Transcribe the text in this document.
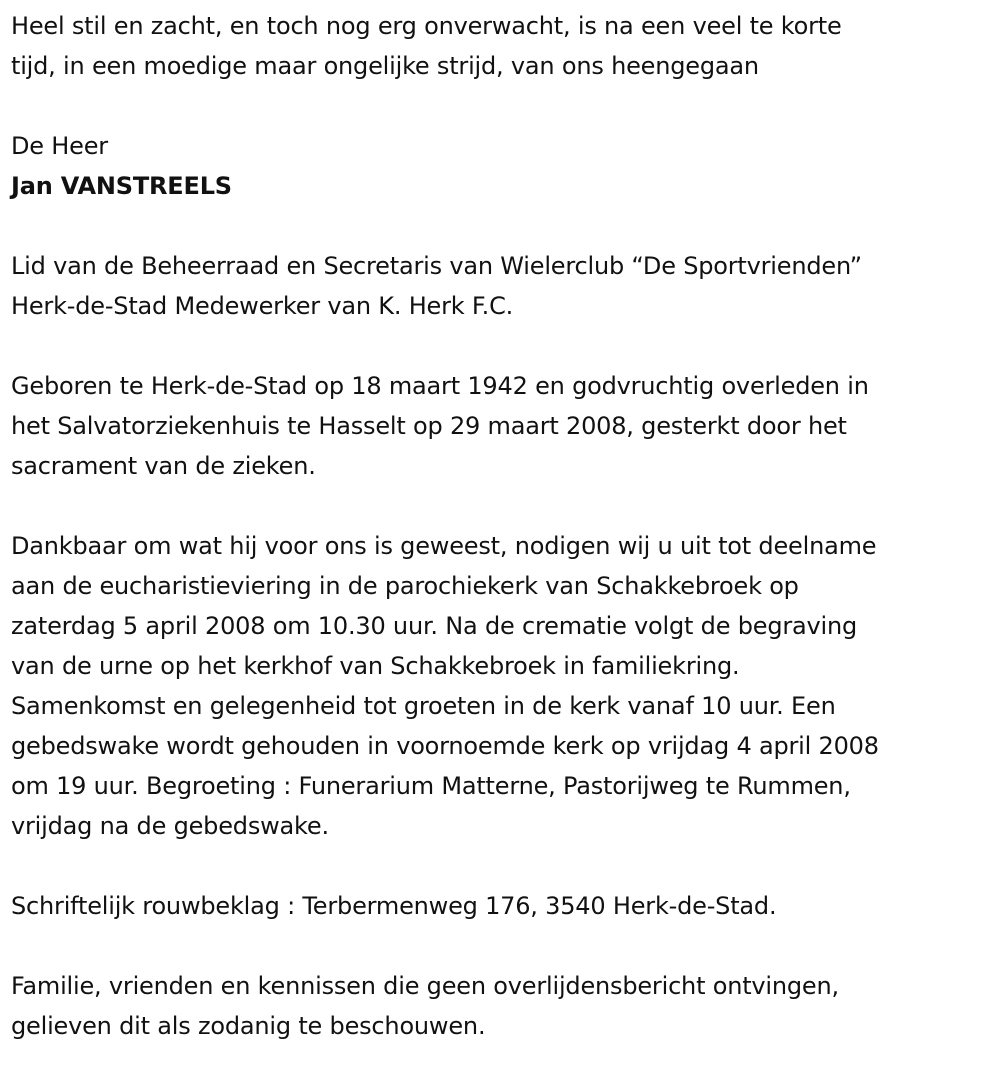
Heel stil en zacht, en toch nog erg onverwacht, is na een veel te korte
tijd, in een moedige maar ongelijke strijd, van ons heengegaan

De Heer

Jan VANSTREELS

Lid van de Beheerraad en Secretaris van Wielerclub “De Sportvrienden”
Herk-de-Stad Medewerker van K. Herk F.C.

Geboren te Herk-de-Stad op 18 maart 1942 en godvruchtig overleden in
het Salvatorziekenhuis te Hasselt op 29 maart 2008, gesterkt door het
sacrament van de zieken.

Dankbaar om wat hij voor ons is geweest, nodigen wij u uit tot deelname
aan de eucharistieviering in de parochiekerk van Schakkebroek op
zaterdag 5 april 2008 om 10.30 uur. Na de crematie volgt de begraving
van de urne op het kerkhof van Schakkebroek in familiekring.
Samenkomst en gelegenheid tot groeten in de kerk vanaf 10 uur. Een
gebedswake wordt gehouden in voornoemde kerk op vrijdag 4 april 2008
om 19 uur. Begroeting : Funerarium Matterne, Pastorijweg te Rummen,
vrijdag na de gebedswake.

Schriftelijk rouwbeklag : Terbermenweg 176, 3540 Herk-de-Stad.

Familie, vrienden en kennissen die geen overlijdensbericht ontvingen,
gelieven dit als zodanig te beschouwen.
